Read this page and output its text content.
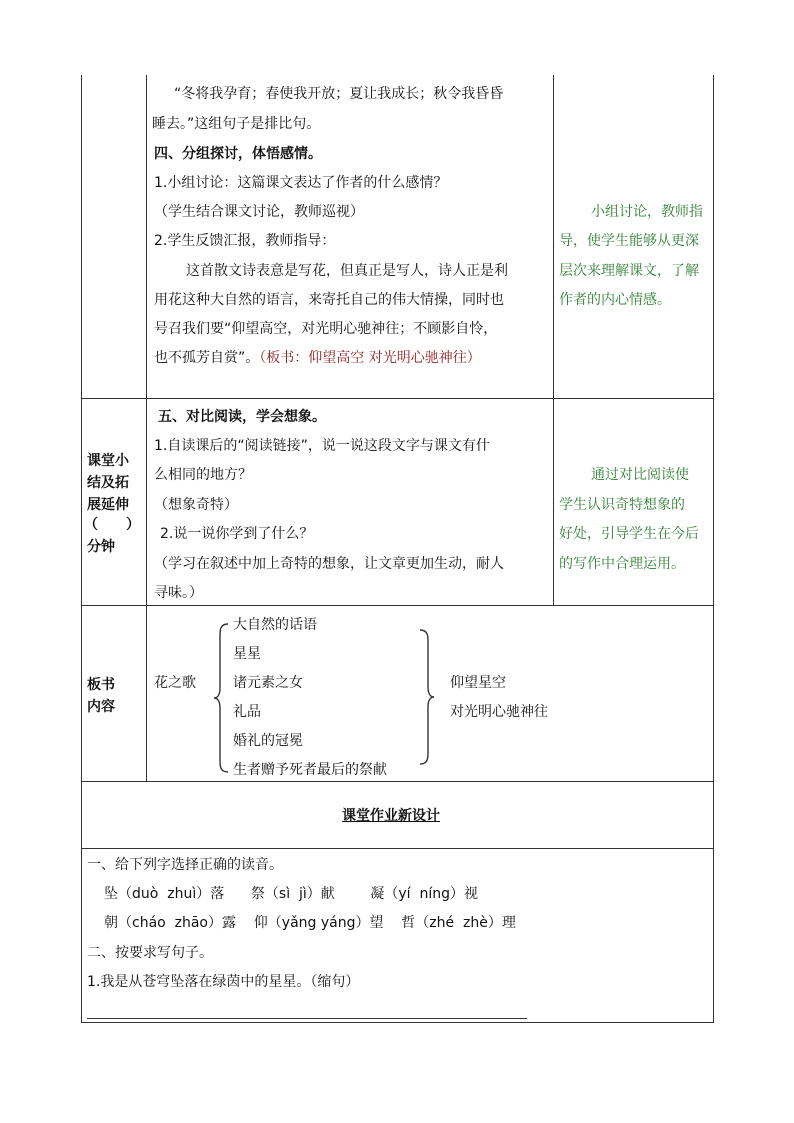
“冬将我孕育；春使我开放；夏让我成长；秋令我昏昏
睡去。”这组句子是排比句。
四、分组探讨，体悟感情。
1.小组讨论：这篇课文表达了作者的什么感情？
（学生结合课文讨论，教师巡视）
2.学生反馈汇报，教师指导：
这首散文诗表意是写花，但真正是写人，诗人正是利
用花这种大自然的语言，来寄托自己的伟大情操，同时也
号召我们要“仰望高空，对光明心驰神往；不顾影自怜，
也不孤芳自赏”。（板书：仰望高空 对光明心驰神往）
小组讨论，教师指
导，使学生能够从更深
层次来理解课文，了解
作者的内心情感。
课堂小
结及拓
展延伸
（　　）
分钟
五、对比阅读，学会想象。
1.自读课后的“阅读链接”，说一说这段文字与课文有什
么相同的地方？
（想象奇特）
2.说一说你学到了什么？
（学习在叙述中加上奇特的想象，让文章更加生动，耐人
寻味。）
通过对比阅读使
学生认识奇特想象的
好处，引导学生在今后
的写作中合理运用。
板书
内容
花之歌
大自然的话语
星星
诸元素之女
礼品
婚礼的冠冕
生者赠予死者最后的祭献
仰望星空
对光明心驰神往
课堂作业新设计
一、给下列字选择正确的读音。
坠（duò  zhuì）落      祭（sì  jì）献        凝（yí  níng）视
朝（cháo  zhāo）露    仰（yǎng yáng）望    哲（zhé  zhè）理
二、按要求写句子。
1.我是从苍穹坠落在绿茵中的星星。（缩句）
